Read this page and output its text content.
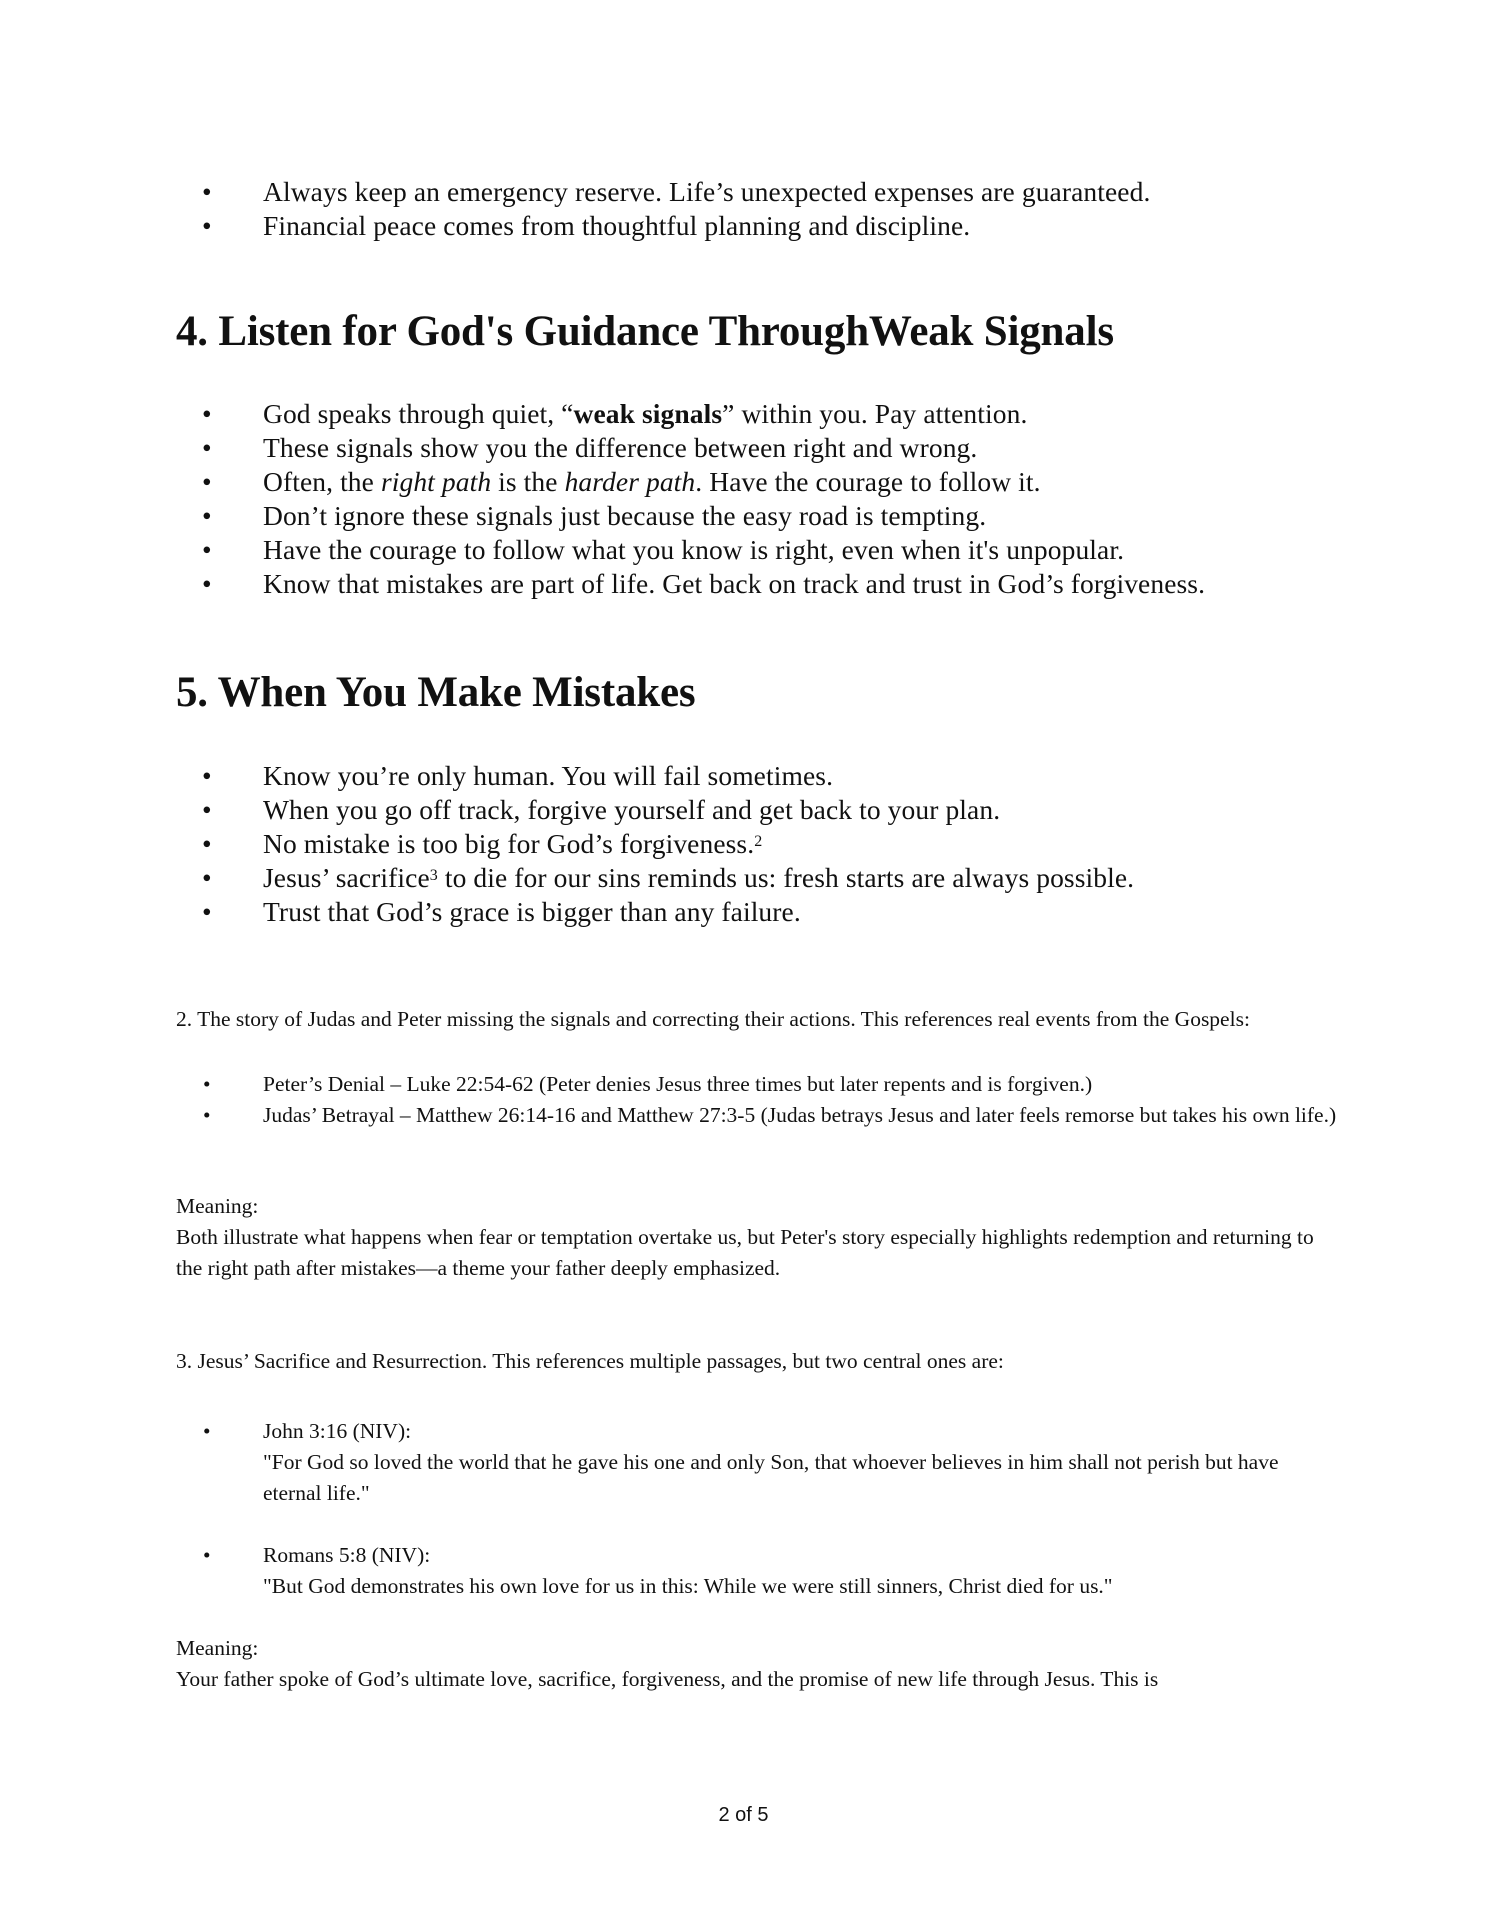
• Always keep an emergency reserve. Life’s unexpected expenses are guaranteed.
• Financial peace comes from thoughtful planning and discipline.
4. Listen for God's Guidance ThroughWeak Signals
• God speaks through quiet, “weak signals” within you. Pay attention.
• These signals show you the difference between right and wrong.
• Often, the right path is the harder path. Have the courage to follow it.
• Don’t ignore these signals just because the easy road is tempting.
• Have the courage to follow what you know is right, even when it's unpopular.
• Know that mistakes are part of life. Get back on track and trust in God’s forgiveness.
5. When You Make Mistakes
• Know you’re only human. You will fail sometimes.
• When you go off track, forgive yourself and get back to your plan.
• No mistake is too big for God’s forgiveness.$^2$
• Jesus’ sacrifice$^3$ to die for our sins reminds us: fresh starts are always possible.
• Trust that God’s grace is bigger than any failure.

2. The story of Judas and Peter missing the signals and correcting their actions. This references real events from the Gospels:

• Peter’s Denial – Luke 22:54-62 (Peter denies Jesus three times but later repents and is forgiven.)
• Judas’ Betrayal – Matthew 26:14-16 and Matthew 27:3-5 (Judas betrays Jesus and later feels remorse but takes his own life.)

Meaning:

Both illustrate what happens when fear or temptation overtake us, but Peter's story especially highlights redemption and returning to the right path after mistakes—a theme your father deeply emphasized.

3. Jesus’ Sacrifice and Resurrection. This references multiple passages, but two central ones are:

• John 3:16 (NIV):
"For God so loved the world that he gave his one and only Son, that whoever believes in him shall not perish but have eternal life."
• Romans 5:8 (NIV):
"But God demonstrates his own love for us in this: While we were still sinners, Christ died for us."

Meaning:

Your father spoke of God’s ultimate love, sacrifice, forgiveness, and the promise of new life through Jesus. This is

2 of 5
